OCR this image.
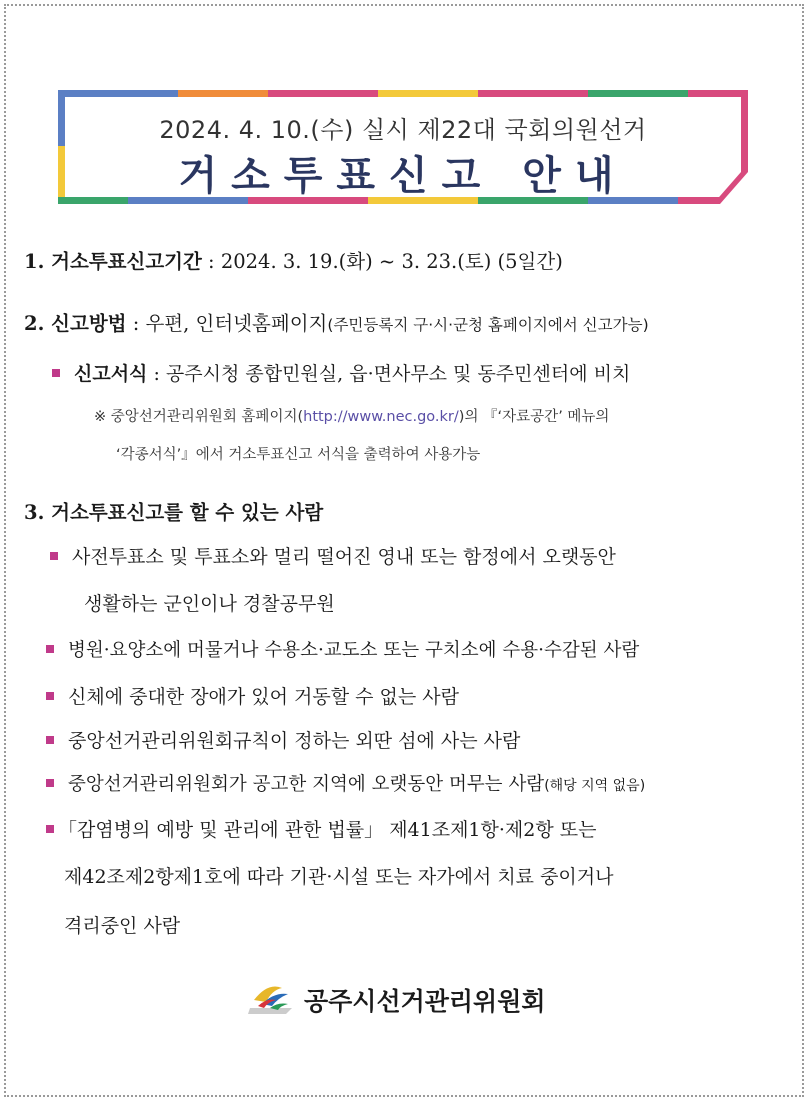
2024. 4. 10.(수) 실시 제22대 국회의원선거
거소투표신고 안내
1. 거소투표신고기간 : 2024. 3. 19.(화) ~ 3. 23.(토) (5일간)
2. 신고방법 : 우편, 인터넷홈페이지(주민등록지 구·시·군청 홈페이지에서 신고가능)
신고서식 : 공주시청 종합민원실, 읍·면사무소 및 동주민센터에 비치
※ 중앙선거관리위원회 홈페이지(http://www.nec.go.kr/)의 『‘자료공간’ 메뉴의
‘각종서식’』에서 거소투표신고 서식을 출력하여 사용가능
3. 거소투표신고를 할 수 있는 사람
사전투표소 및 투표소와 멀리 떨어진 영내 또는 함정에서 오랫동안
생활하는 군인이나 경찰공무원
병원·요양소에 머물거나 수용소·교도소 또는 구치소에 수용·수감된 사람
신체에 중대한 장애가 있어 거동할 수 없는 사람
중앙선거관리위원회규칙이 정하는 외딴 섬에 사는 사람
중앙선거관리위원회가 공고한 지역에 오랫동안 머무는 사람(해당 지역 없음)
「감염병의 예방 및 관리에 관한 법률」 제41조제1항·제2항 또는
제42조제2항제1호에 따라 기관·시설 또는 자가에서 치료 중이거나
격리중인 사람
공주시선거관리위원회
